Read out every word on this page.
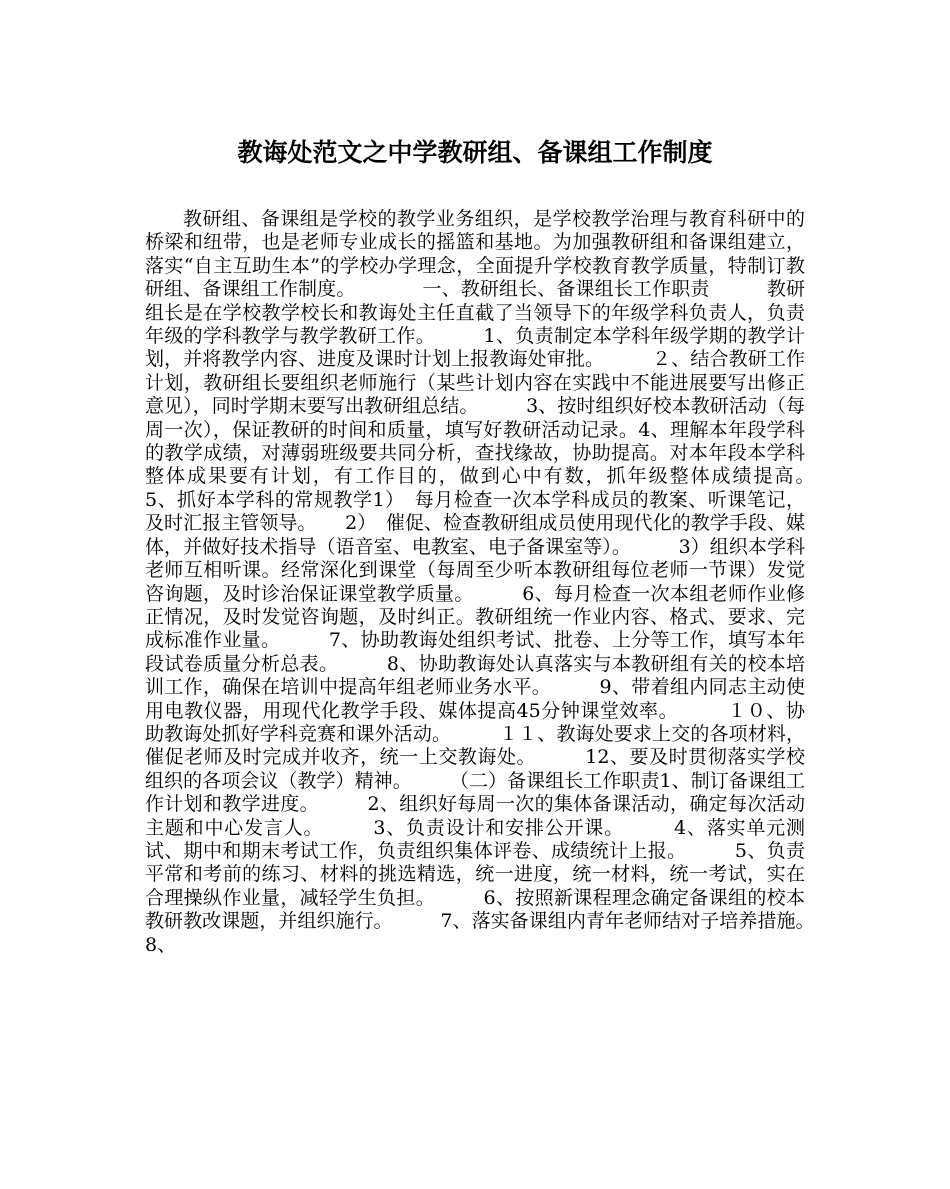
教诲处范文之中学教研组、备课组工作制度

教研组、备课组是学校的教学业务组织，是学校教学治理与教育科研中的桥梁和纽带，也是老师专业成长的摇篮和基地。为加强教研组和备课组建立，落实“自主互助生本”的学校办学理念，全面提升学校教育教学质量，特制订教研组、备课组工作制度。　　　　一、教研组长、备课组长工作职责　　　教研组长是在学校教学校长和教诲处主任直截了当领导下的年级学科负责人，负责年级的学科教学与教学教研工作。　　　1、负责制定本学科年级学期的教学计划，并将教学内容、进度及课时计划上报教诲处审批。　　　２、结合教研工作计划，教研组长要组织老师施行（某些计划内容在实践中不能进展要写出修正意见），同时学期末要写出教研组总结。　　　3、按时组织好校本教研活动（每周一次），保证教研的时间和质量，填写好教研活动记录。4、理解本年段学科的教学成绩，对薄弱班级要共同分析，查找缘故，协助提高。对本年段本学科整体成果要有计划，有工作目的，做到心中有数，抓年级整体成绩提高。　　　5、抓好本学科的常规教学1）　每月检查一次本学科成员的教案、听课笔记，及时汇报主管领导。　　2）　催促、检查教研组成员使用现代化的教学手段、媒体，并做好技术指导（语音室、电教室、电子备课室等）。　　　3）组织本学科老师互相听课。经常深化到课堂（每周至少听本教研组每位老师一节课）发觉咨询题，及时诊治保证课堂教学质量。　　　6、每月检查一次本组老师作业修正情况，及时发觉咨询题，及时纠正。教研组统一作业内容、格式、要求、完成标准作业量。　　　7、协助教诲处组织考试、批卷、上分等工作，填写本年段试卷质量分析总表。　　　8、协助教诲处认真落实与本教研组有关的校本培训工作，确保在培训中提高年组老师业务水平。　　　9、带着组内同志主动使用电教仪器，用现代化教学手段、媒体提高45分钟课堂效率。　　　１０、协助教诲处抓好学科竞赛和课外活动。　　　１１、教诲处要求上交的各项材料，催促老师及时完成并收齐，统一上交教诲处。　　　12、要及时贯彻落实学校组织的各项会议（教学）精神。　　　（二）备课组长工作职责1、制订备课组工作计划和教学进度。　　　2、组织好每周一次的集体备课活动，确定每次活动主题和中心发言人。　　　3、负责设计和安排公开课。　　　4、落实单元测试、期中和期末考试工作，负责组织集体评卷、成绩统计上报。　　　5、负责平常和考前的练习、材料的挑选精选，统一进度，统一材料，统一考试，实在合理操纵作业量，减轻学生负担。　　　6、按照新课程理念确定备课组的校本教研教改课题，并组织施行。　　　7、落实备课组内青年老师结对子培养措施。　　　8、
